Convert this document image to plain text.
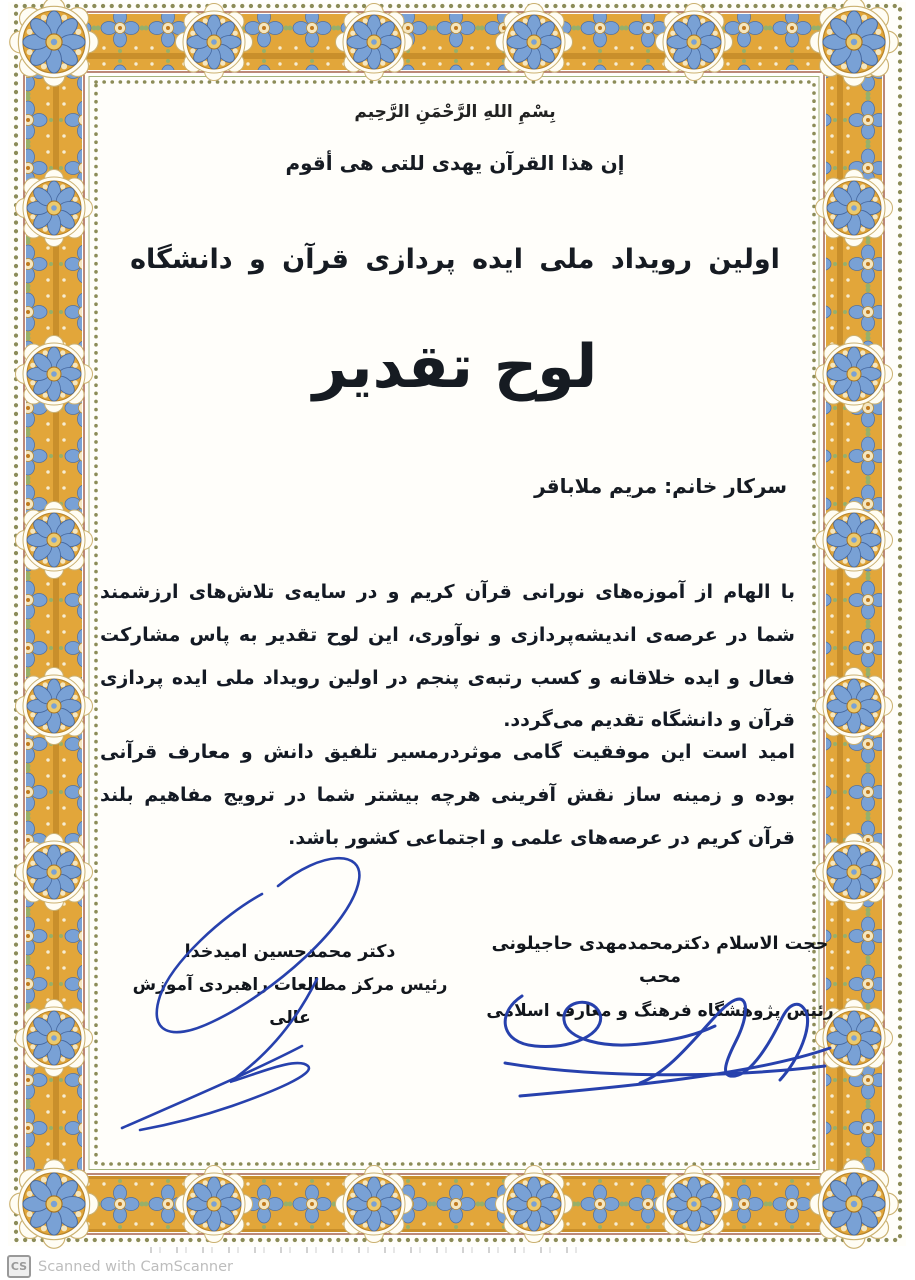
بِسْمِ اللهِ الرَّحْمَنِ الرَّحِيم
إن هذا القرآن یهدی للتی هی أقوم
اولین رویداد ملی ایده پردازی قرآن و دانشگاه
لوح تقدیر
سرکار خانم: مریم ملاباقر

با الهام از آموزه‌های نورانی قرآن کریم و در سایه‌ی تلاش‌های ارزشمند شما در عرصه‌ی اندیشه‌پردازی و نوآوری، این لوح تقدیر به پاس مشارکت فعال و ایده خلاقانه و کسب رتبه‌ی پنجم در اولین رویداد ملی ایده پردازی قرآن و دانشگاه تقدیم می‌گردد.

امید است این موفقیت گامی موثردرمسیر تلفیق دانش و معارف قرآنی بوده و زمینه ساز نقش آفرینی هرچه بیشتر شما در ترویج مفاهیم بلند قرآن کریم در عرصه‌های علمی و اجتماعی کشور باشد.

حجت الاسلام دکترمحمدمهدی حاجیلونی محب
رئیس پژوهشگاه فرهنگ و معارف اسلامی
دکتر محمدحسین امیدخدا
رئیس مرکز مطالعات راهبردی آموزش عالی
CS Scanned with CamScanner
